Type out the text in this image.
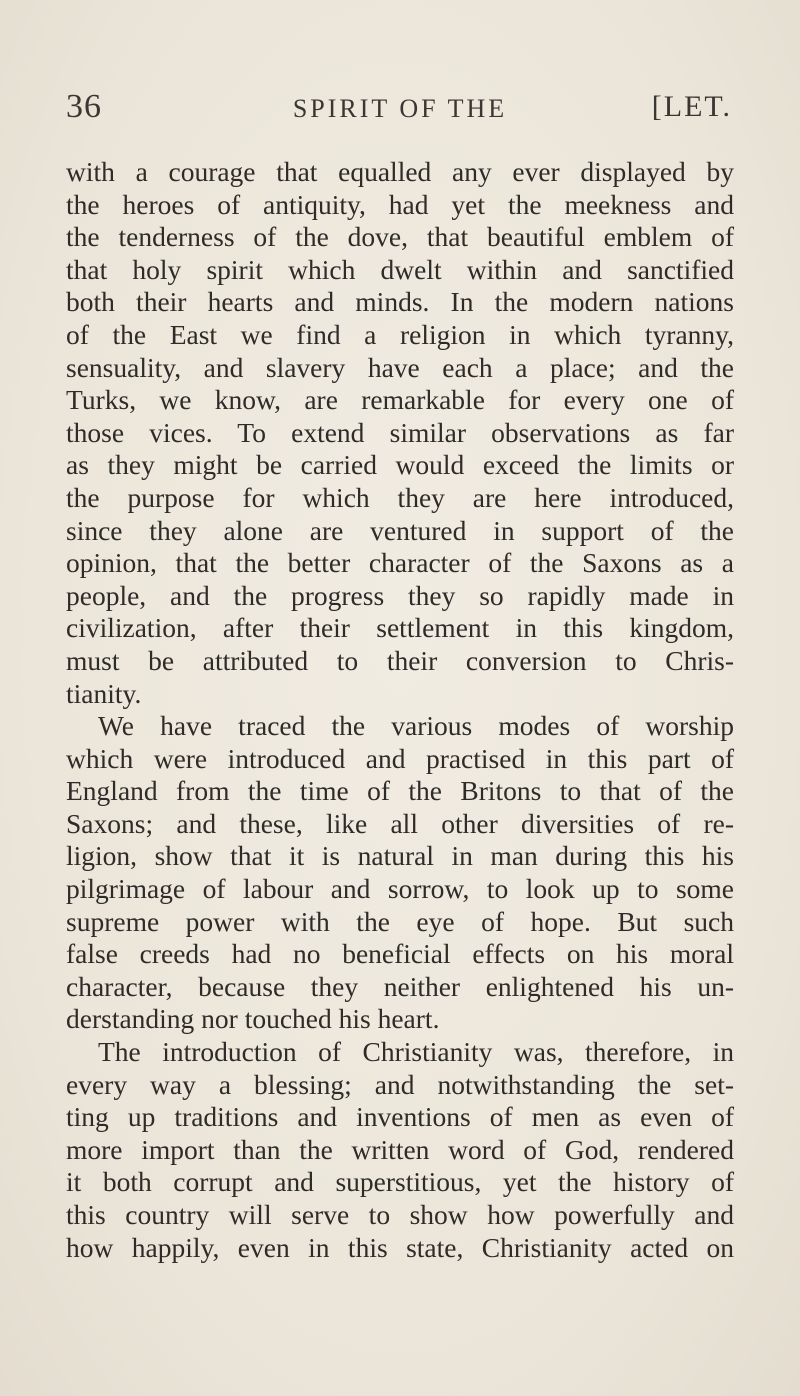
36	SPIRIT OF THE	[LET.
with a courage that equalled any ever displayed by
the heroes of antiquity, had yet the meekness and
the tenderness of the dove, that beautiful emblem of
that holy spirit which dwelt within and sanctified
both their hearts and minds. In the modern nations
of the East we find a religion in which tyranny,
sensuality, and slavery have each a place; and the
Turks, we know, are remarkable for every one of
those vices. To extend similar observations as far
as they might be carried would exceed the limits or
the purpose for which they are here introduced,
since they alone are ventured in support of the
opinion, that the better character of the Saxons as a
people, and the progress they so rapidly made in
civilization, after their settlement in this kingdom,
must be attributed to their conversion to Chris-
tianity.
We have traced the various modes of worship
which were introduced and practised in this part of
England from the time of the Britons to that of the
Saxons; and these, like all other diversities of re-
ligion, show that it is natural in man during this his
pilgrimage of labour and sorrow, to look up to some
supreme power with the eye of hope. But such
false creeds had no beneficial effects on his moral
character, because they neither enlightened his un-
derstanding nor touched his heart.
The introduction of Christianity was, therefore, in
every way a blessing; and notwithstanding the set-
ting up traditions and inventions of men as even of
more import than the written word of God, rendered
it both corrupt and superstitious, yet the history of
this country will serve to show how powerfully and
how happily, even in this state, Christianity acted on
